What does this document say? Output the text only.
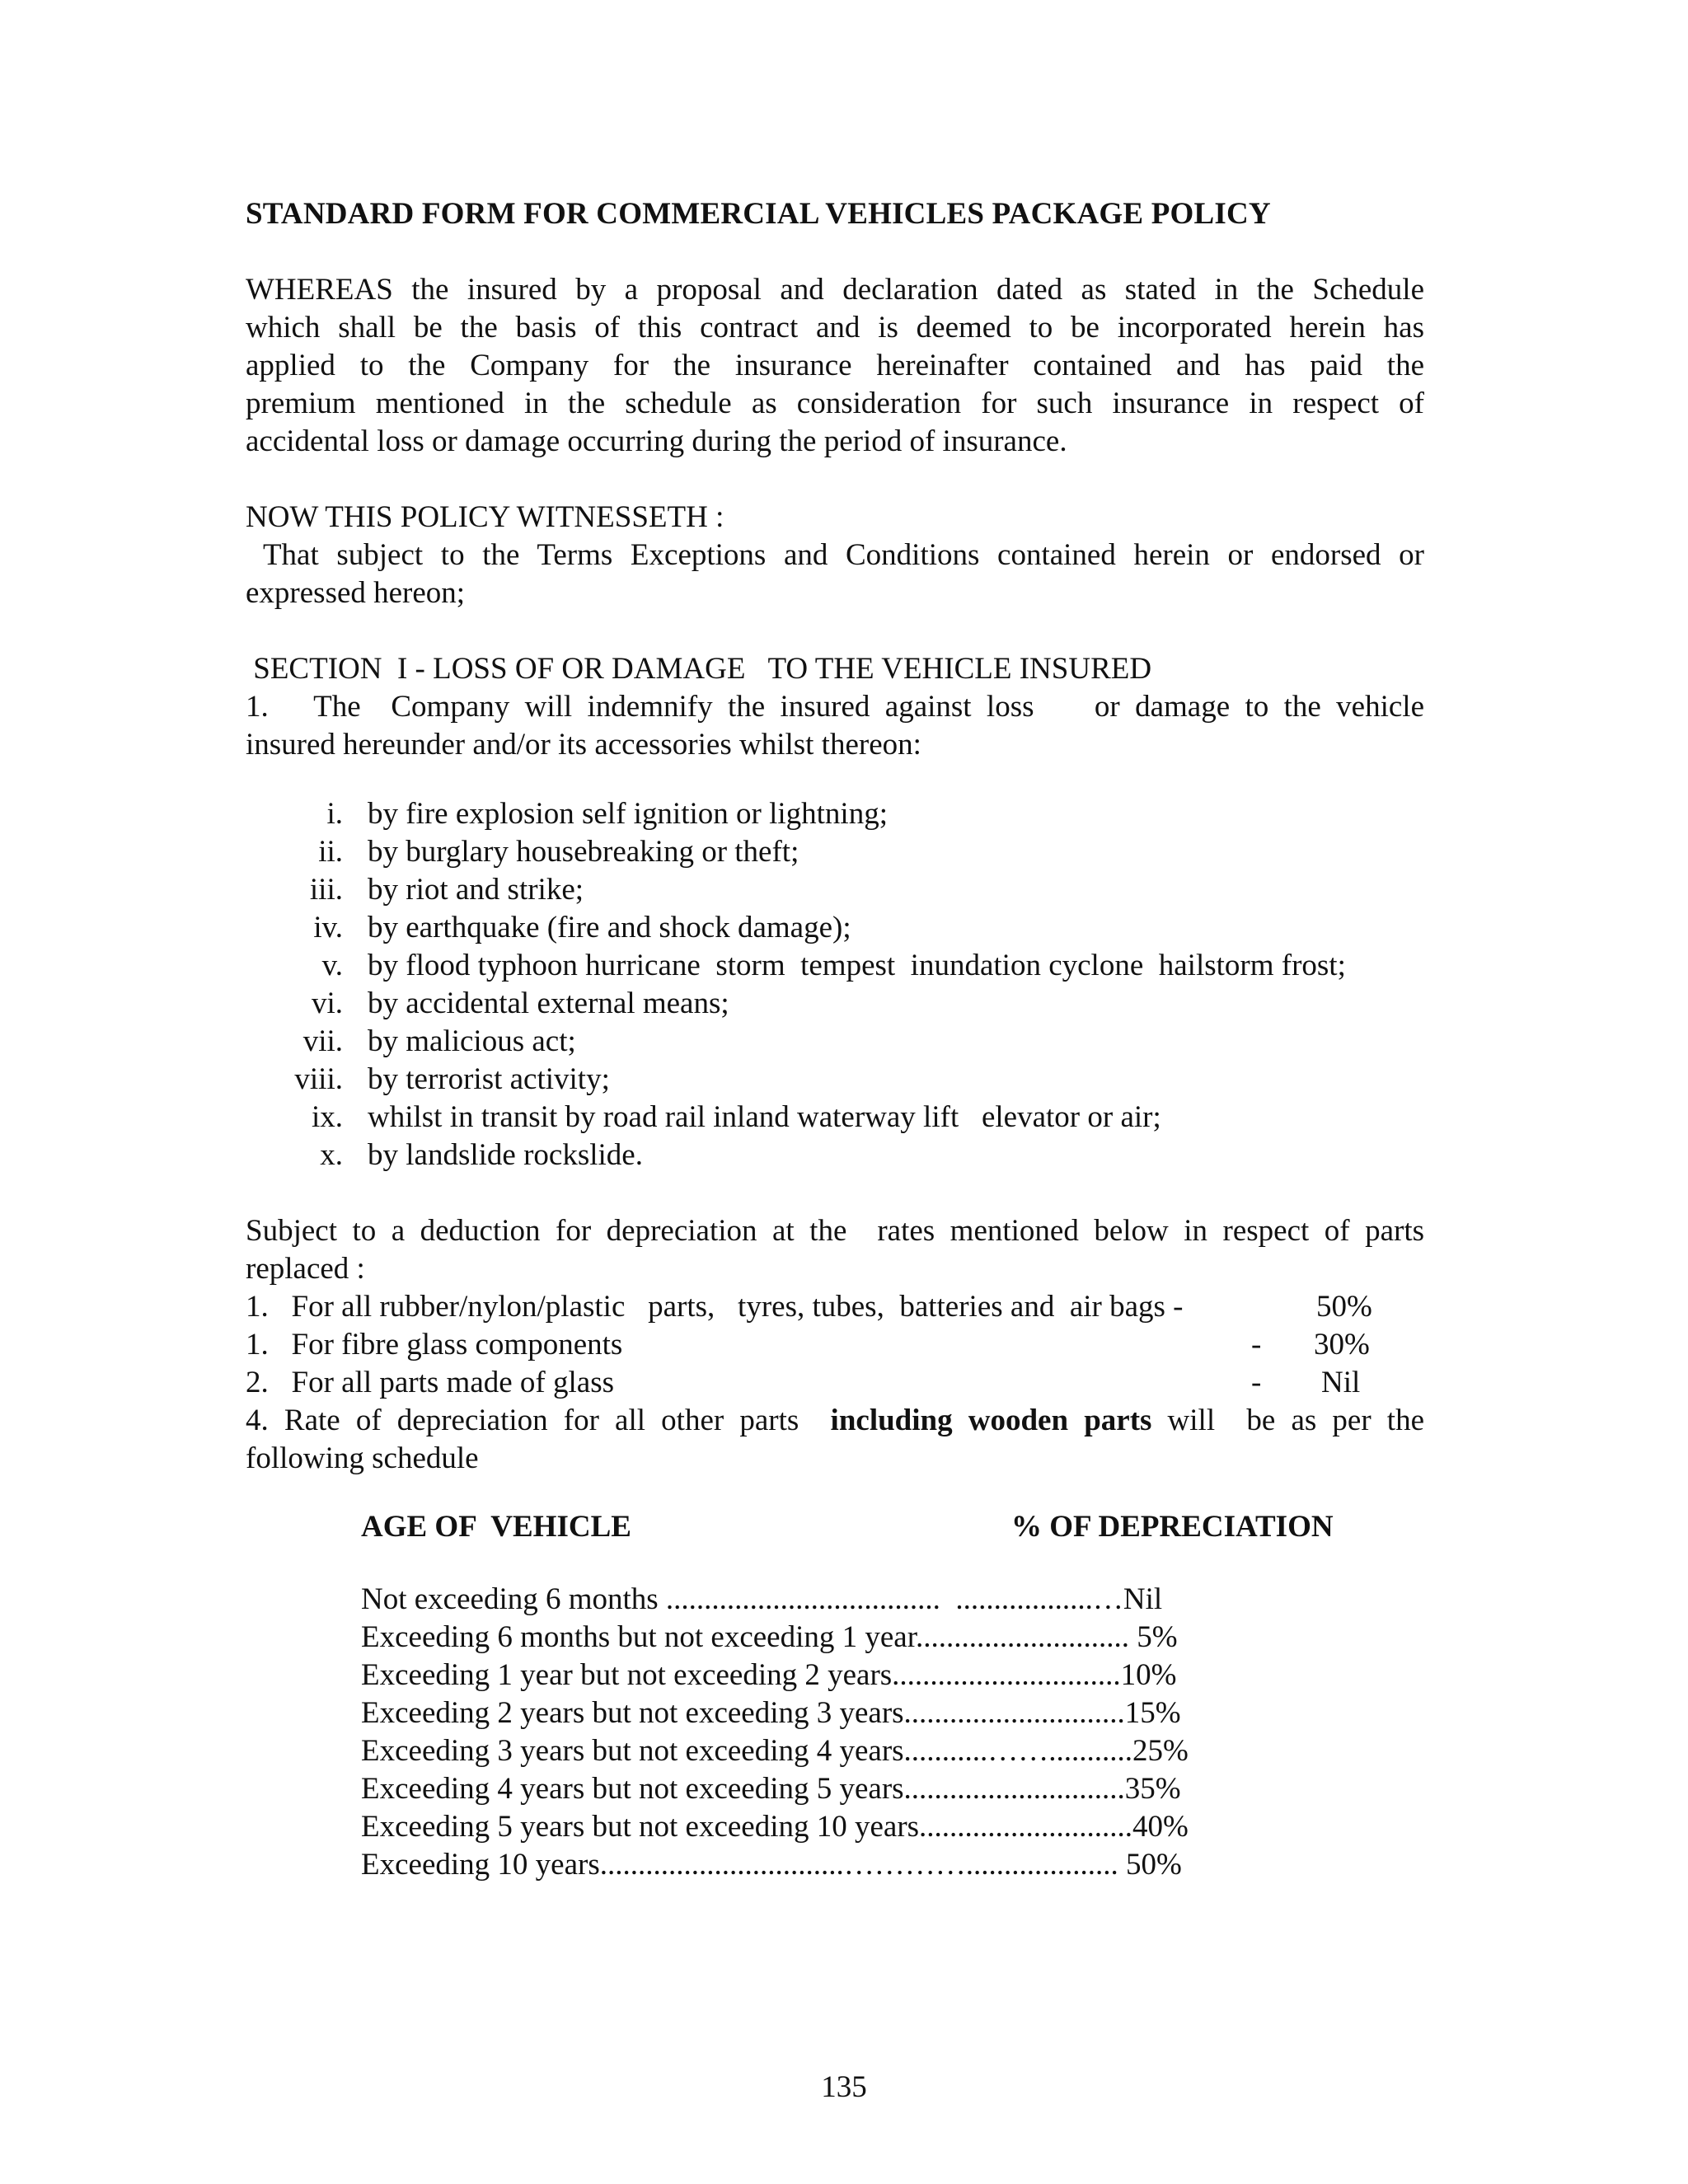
STANDARD FORM FOR COMMERCIAL VEHICLES PACKAGE POLICY
WHEREAS the insured by a proposal and declaration dated as stated in the Schedule
which shall be the basis of this contract and is deemed to be incorporated herein has
applied to the Company for the insurance hereinafter contained and has paid the
premium mentioned in the schedule as consideration for such insurance in respect of
accidental loss or damage occurring during the period of insurance.
NOW THIS POLICY WITNESSETH :
That subject to the Terms Exceptions and Conditions contained herein or endorsed or
expressed hereon;
SECTION  I - LOSS OF OR DAMAGE   TO THE VEHICLE INSURED
1.   The  Company will indemnify the insured against loss    or damage to the vehicle
insured hereunder and/or its accessories whilst thereon:
i. by fire explosion self ignition or lightning;
ii. by burglary housebreaking or theft;
iii. by riot and strike;
iv. by earthquake (fire and shock damage);
v. by flood typhoon hurricane  storm  tempest  inundation cyclone  hailstorm frost;
vi. by accidental external means;
vii. by malicious act;
viii. by terrorist activity;
ix. whilst in transit by road rail inland waterway lift   elevator or air;
x. by landslide rockslide.
Subject to a deduction for depreciation at the  rates mentioned below in respect of parts
replaced :
1.   For all rubber/nylon/plastic   parts,   tyres, tubes,  batteries and  air bags -	50%
1.   For fibre glass components	- 30%
2.   For all parts made of glass	- Nil
4. Rate of depreciation for all other parts  including wooden parts will  be as per the
following schedule
AGE OF  VEHICLE	% OF DEPRECIATION
Not exceeding 6 months ....................................  ..................…Nil
Exceeding 6 months but not exceeding 1 year............................ 5%
Exceeding 1 year but not exceeding 2 years..............................10%
Exceeding 2 years but not exceeding 3 years.............................15%
Exceeding 3 years but not exceeding 4 years...........……...........25%
Exceeding 4 years but not exceeding 5 years.............................35%
Exceeding 5 years but not exceeding 10 years............................40%
Exceeding 10 years................................………….................... 50%
135
